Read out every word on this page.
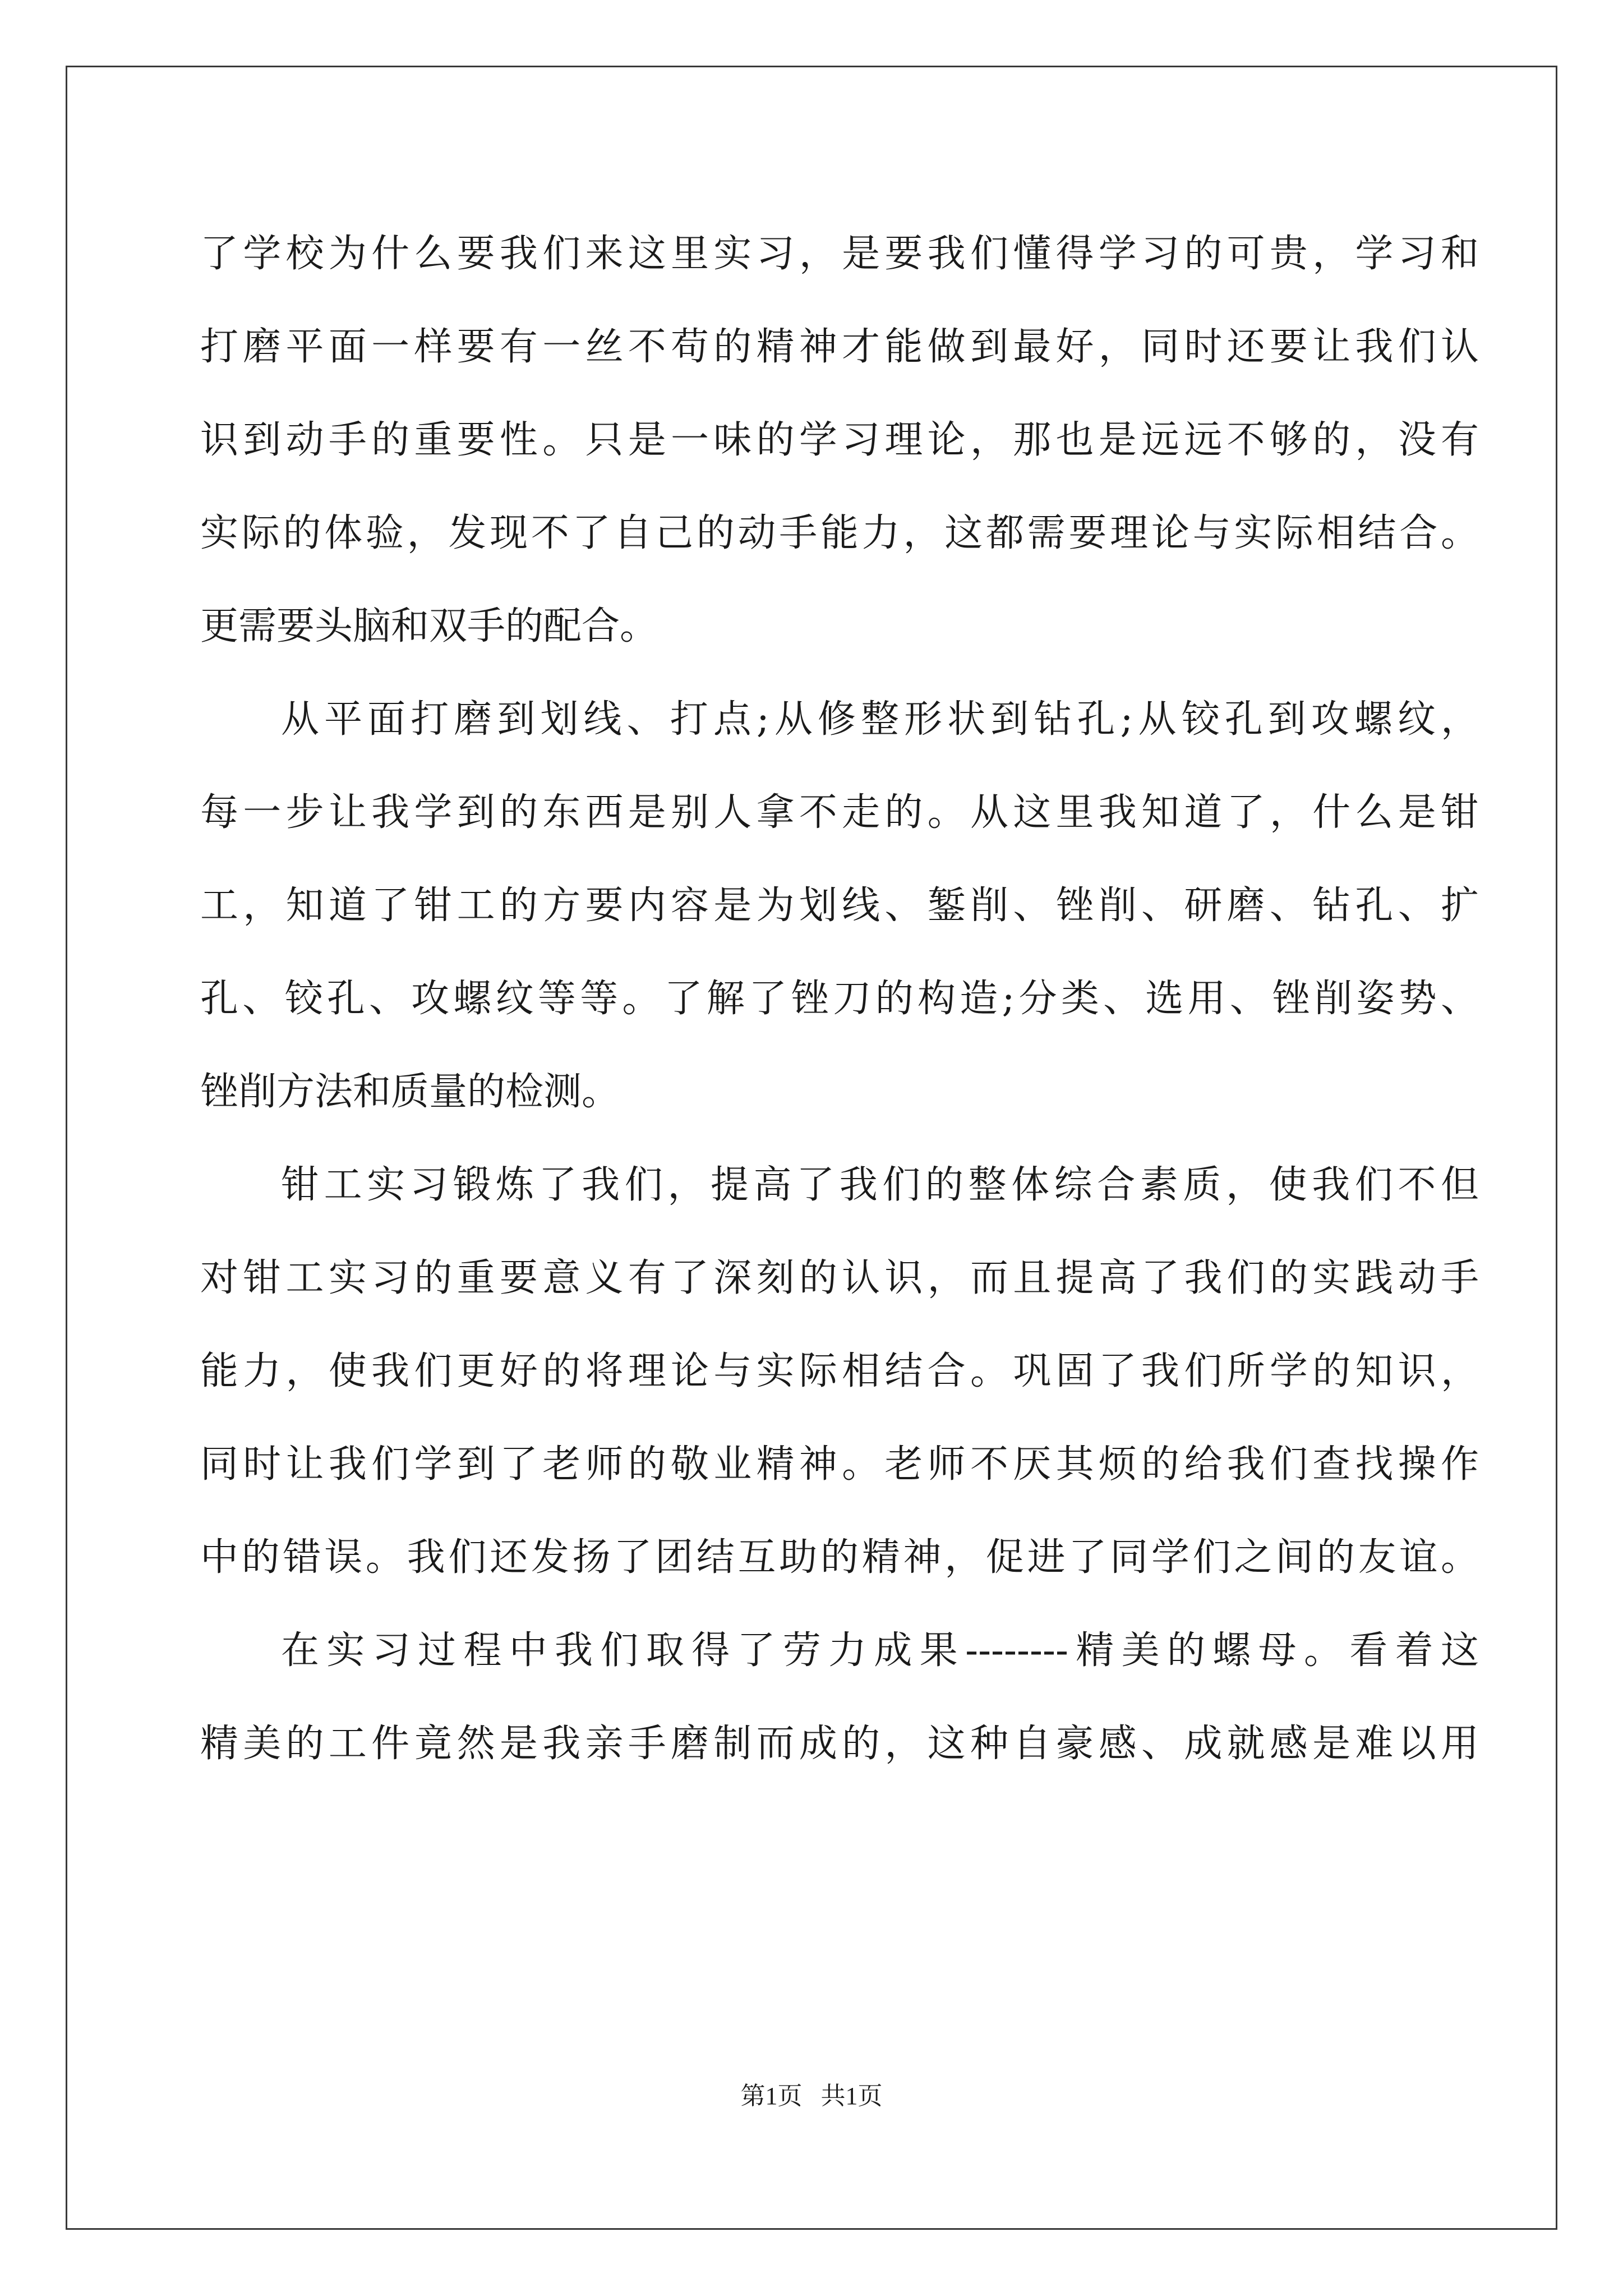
了学校为什么要我们来这里实习，是要我们懂得学习的可贵，学习和
打磨平面一样要有一丝不苟的精神才能做到最好，同时还要让我们认
识到动手的重要性。只是一味的学习理论，那也是远远不够的，没有
实际的体验，发现不了自己的动手能力，这都需要理论与实际相结合。
更需要头脑和双手的配合。
从平面打磨到划线、打点;从修整形状到钻孔;从铰孔到攻螺纹，
每一步让我学到的东西是别人拿不走的。从这里我知道了，什么是钳
工，知道了钳工的方要内容是为划线、錾削、锉削、研磨、钻孔、扩
孔、铰孔、攻螺纹等等。了解了锉刀的构造;分类、选用、锉削姿势、
锉削方法和质量的检测。
钳工实习锻炼了我们，提高了我们的整体综合素质，使我们不但
对钳工实习的重要意义有了深刻的认识，而且提高了我们的实践动手
能力，使我们更好的将理论与实际相结合。巩固了我们所学的知识，
同时让我们学到了老师的敬业精神。老师不厌其烦的给我们查找操作
中的错误。我们还发扬了团结互助的精神，促进了同学们之间的友谊。
在实习过程中我们取得了劳力成果--------精美的螺母。看着这
精美的工件竟然是我亲手磨制而成的，这种自豪感、成就感是难以用
第1页   共1页
